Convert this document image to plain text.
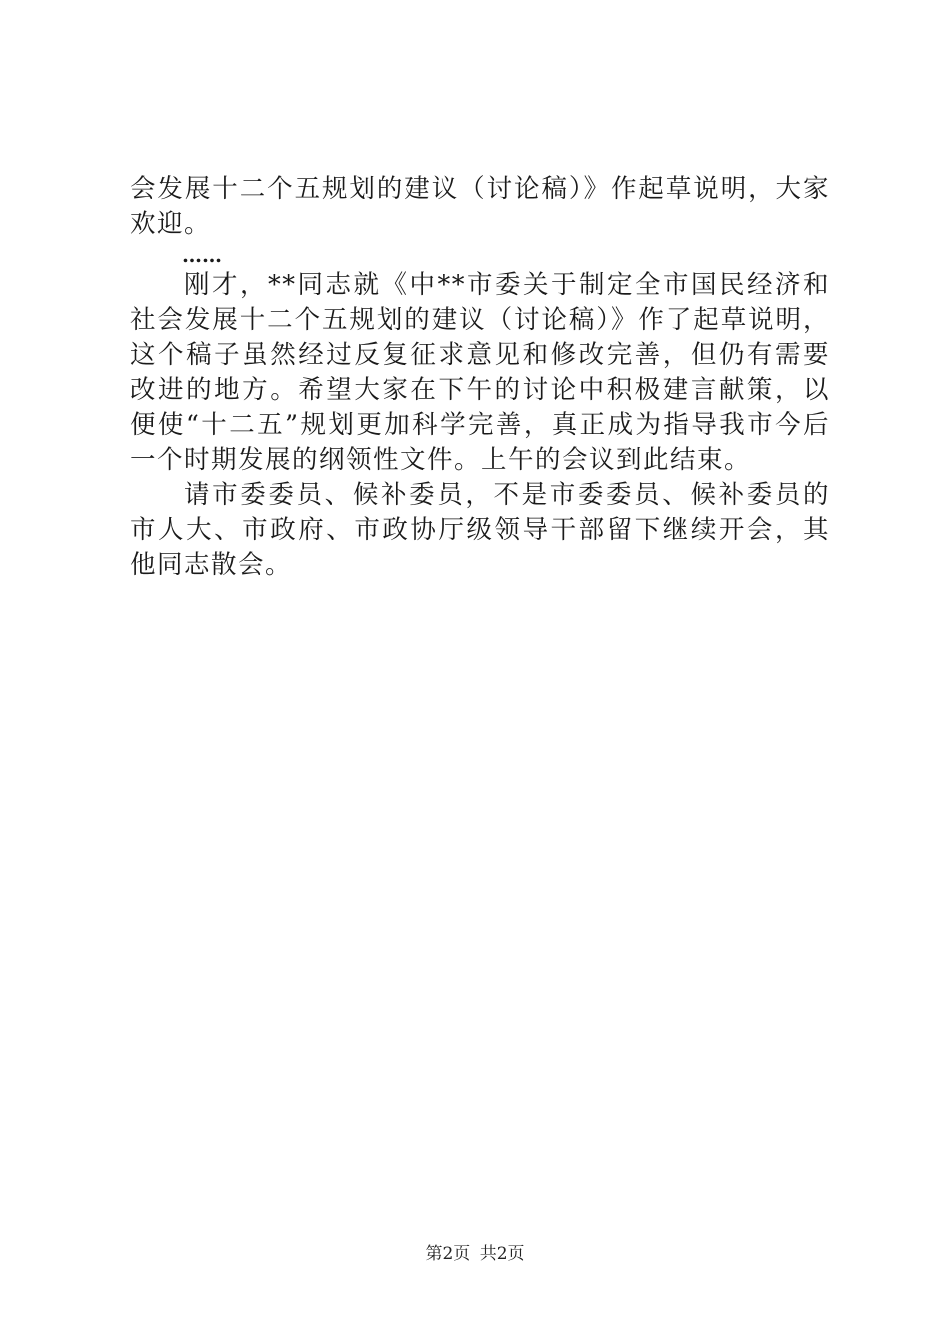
会发展十二个五规划的建议（讨论稿）》作起草说明，大家欢迎。

……

刚才，**同志就《中**市委关于制定全市国民经济和社会发展十二个五规划的建议（讨论稿）》作了起草说明，这个稿子虽然经过反复征求意见和修改完善，但仍有需要改进的地方。希望大家在下午的讨论中积极建言献策，以便使“十二五”规划更加科学完善，真正成为指导我市今后一个时期发展的纲领性文件。上午的会议到此结束。

请市委委员、候补委员，不是市委委员、候补委员的市人大、市政府、市政协厅级领导干部留下继续开会，其他同志散会。

第2页 共2页
